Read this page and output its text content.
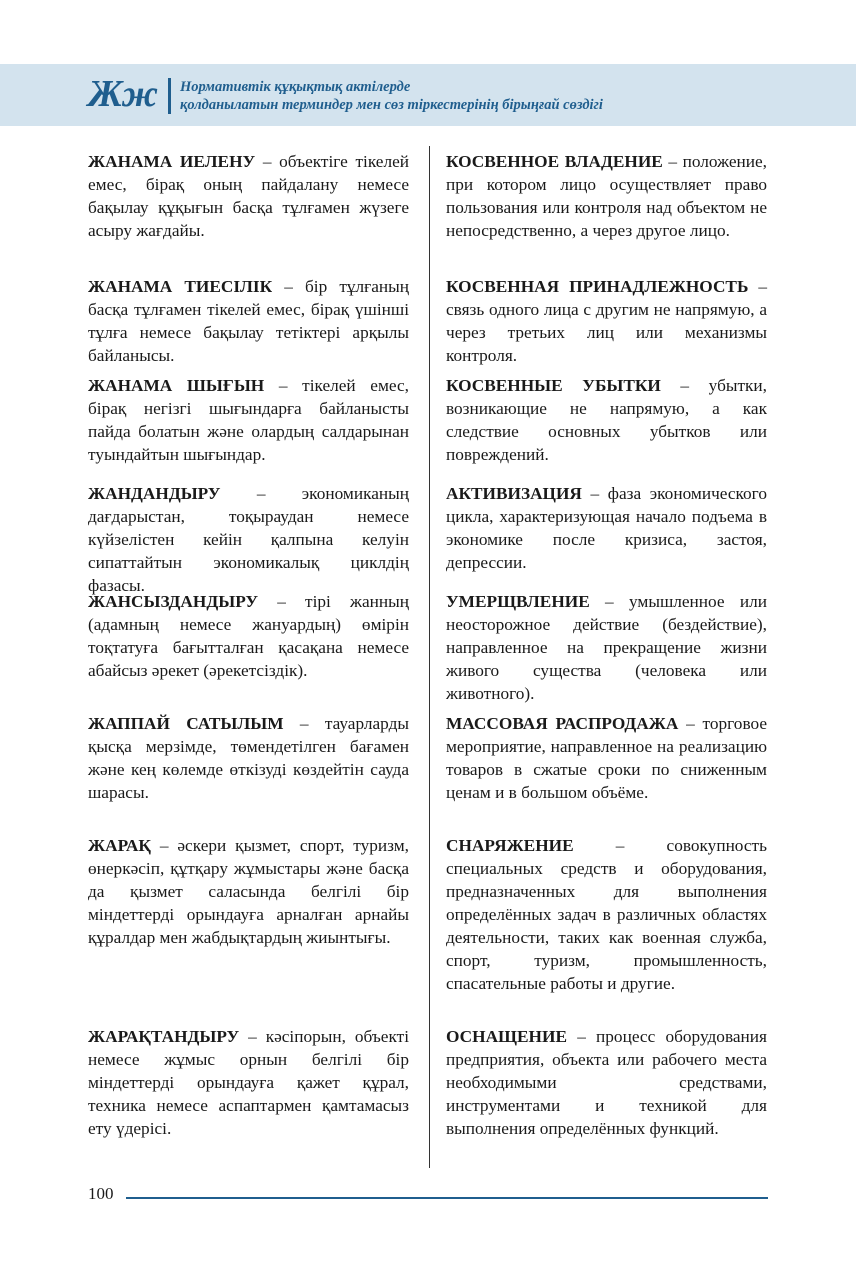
Жж Нормативтік құқықтық актілерде
қолданылатын терминдер мен сөз тіркестерінің бірыңғай сөздігі
ЖАНАМА ИЕЛЕНУ – объектіге тікелей емес, бірақ оның пайдалану немесе бақылау құқығын басқа тұлғамен жүзеге асыру жағдайы.
ЖАНАМА ТИЕСІЛІК – бір тұлғаның басқа тұлғамен тікелей емес, бірақ үшінші тұлға немесе бақылау тетіктері арқылы байланысы.
ЖАНАМА ШЫҒЫН – тікелей емес, бірақ негізгі шығындарға байланысты пайда болатын және олардың салдарынан туындайтын шығындар.
ЖАНДАНДЫРУ – экономиканың дағдарыстан, тоқыраудан немесе күйзелістен кейін қалпына келуін сипаттайтын экономикалық циклдің фазасы.
ЖАНСЫЗДАНДЫРУ – тірі жанның (адамның немесе жануардың) өмірін тоқтатуға бағытталған қасақана немесе абайсыз әрекет (әрекетсіздік).
ЖАППАЙ САТЫЛЫМ – тауарларды қысқа мерзімде, төмендетілген бағамен және кең көлемде өткізуді көздейтін сауда шарасы.
ЖАРАҚ – әскери қызмет, спорт, туризм, өнеркәсіп, құтқару жұмыстары және басқа да қызмет саласында белгілі бір міндеттерді орындауға арналған арнайы құралдар мен жабдықтардың жиынтығы.
ЖАРАҚТАНДЫРУ – кәсіпорын, объекті немесе жұмыс орнын белгілі бір міндеттерді орындауға қажет құрал, техника немесе аспаптармен қамтамасыз ету үдерісі.
КОСВЕННОЕ ВЛАДЕНИЕ – положение, при котором лицо осуществляет право пользования или контроля над объектом не непосредственно, а через другое лицо.
КОСВЕННАЯ ПРИНАДЛЕЖНОСТЬ – связь одного лица с другим не напрямую, а через третьих лиц или механизмы контроля.
КОСВЕННЫЕ УБЫТКИ – убытки, возникающие не напрямую, а как следствие основных убытков или повреждений.
АКТИВИЗАЦИЯ – фаза экономического цикла, характеризующая начало подъема в экономике после кризиса, застоя, депрессии.
УМЕРЩВЛЕНИЕ – умышленное или неосторожное действие (бездействие), направленное на прекращение жизни живого существа (человека или животного).
МАССОВАЯ РАСПРОДАЖА – торговое мероприятие, направленное на реализацию товаров в сжатые сроки по сниженным ценам и в большом объёме.
СНАРЯЖЕНИЕ – совокупность специальных средств и оборудования, предназначенных для выполнения определённых задач в различных областях деятельности, таких как военная служба, спорт, туризм, промышленность, спасательные работы и другие.
ОСНАЩЕНИЕ – процесс оборудования предприятия, объекта или рабочего места необходимыми средствами, инструментами и техникой для выполнения определённых функций.
100
